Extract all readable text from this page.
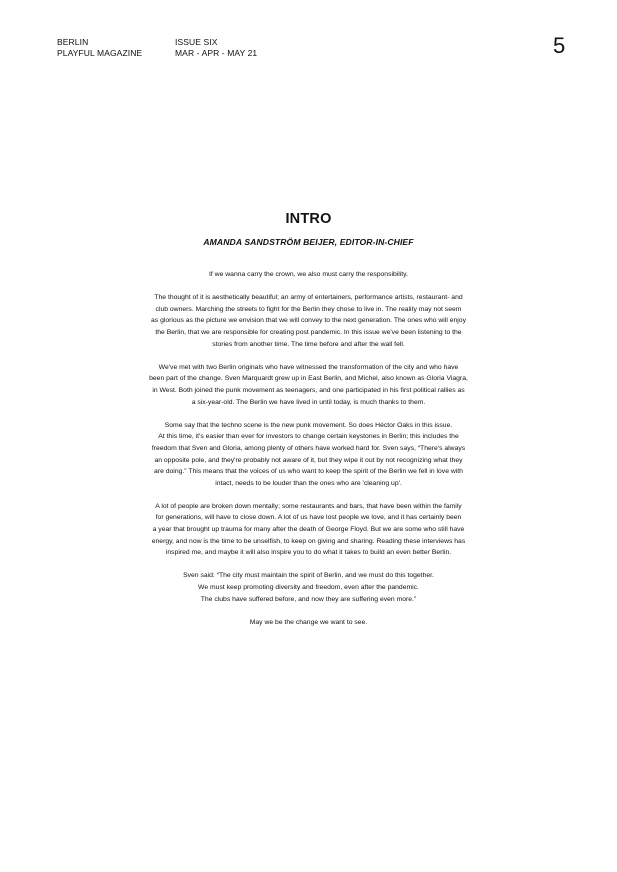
BERLIN
PLAYFUL MAGAZINE
ISSUE SIX
MAR - APR - MAY 21	5
INTRO
AMANDA SANDSTRÖM BEIJER, EDITOR-IN-CHIEF

If we wanna carry the crown, we also must carry the responsibility.

The thought of it is aesthetically beautiful; an army of entertainers, performance artists, restaurant- and
club owners. Marching the streets to fight for the Berlin they chose to live in. The reality may not seem
as glorious as the picture we envision that we will convey to the next generation. The ones who will enjoy
the Berlin, that we are responsible for creating post pandemic. In this issue we've been listening to the
stories from another time. The time before and after the wall fell.

We've met with two Berlin originals who have witnessed the transformation of the city and who have
been part of the change. Sven Marquardt grew up in East Berlin, and Michel, also known as Gloria Viagra,
in West. Both joined the punk movement as teenagers, and one participated in his first political rallies as
a six-year-old. The Berlin we have lived in until today, is much thanks to them.

Some say that the techno scene is the new punk movement. So does Héctor Oaks in this issue.
At this time, it's easier than ever for investors to change certain keystones in Berlin; this includes the
freedom that Sven and Gloria, among plenty of others have worked hard for. Sven says, “There's always
an opposite pole, and they're probably not aware of it, but they wipe it out by not recognizing what they
are doing.” This means that the voices of us who want to keep the spirit of the Berlin we fell in love with
intact, needs to be louder than the ones who are 'cleaning up'.

A lot of people are broken down mentally; some restaurants and bars, that have been within the family
for generations, will have to close down. A lot of us have lost people we love, and it has certainly been
a year that brought up trauma for many after the death of George Floyd. But we are some who still have
energy, and now is the time to be unselfish, to keep on giving and sharing. Reading these interviews has
inspired me, and maybe it will also inspire you to do what it takes to build an even better Berlin.

Sven said: “The city must maintain the spirit of Berlin, and we must do this together.
We must keep promoting diversity and freedom, even after the pandemic.
The clubs have suffered before, and now they are suffering even more.”

May we be the change we want to see.
